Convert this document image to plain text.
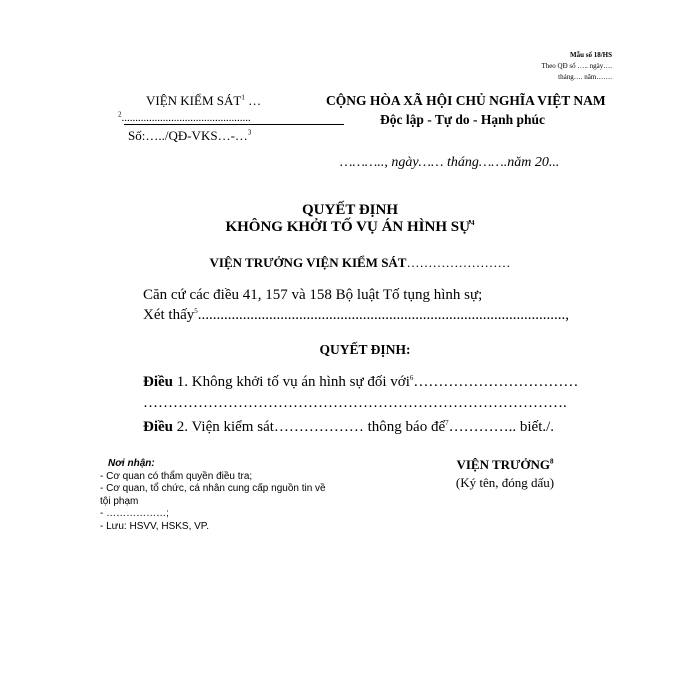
Mẫu số 18/HS
Theo QĐ số ….. ngày….
tháng…. năm…….
VIỆN KIỂM SÁT$^1$ …
$^2$...............................................
Số:…../QĐ-VKS…-…$^3$
CỘNG HÒA XÃ HỘI CHỦ NGHĨA VIỆT NAM
Độc lập - Tự do - Hạnh phúc
……….., ngày…… tháng…….năm 20...
QUYẾT ĐỊNH
KHÔNG KHỞI TỐ VỤ ÁN HÌNH SỰ$^4$
VIỆN TRƯỞNG VIỆN KIỂM SÁT……………………
Căn cứ các điều 41, 157 và 158 Bộ luật Tố tụng hình sự;
Xét thấy$^5$..................................................................................................,
QUYẾT ĐỊNH:
Điều 1. Không khởi tố vụ án hình sự đối với$^6$……………………………
………………………………………………………………………….
Điều 2. Viện kiểm sát……………… thông báo để$^7$………….. biết./.
Nơi nhận:
- Cơ quan có thẩm quyền điều tra;
- Cơ quan, tổ chức, cá nhân cung cấp nguồn tin về
tội phạm
- ………………;
- Lưu: HSVV, HSKS, VP.
VIỆN TRƯỞNG$^8$
(Ký tên, đóng dấu)
